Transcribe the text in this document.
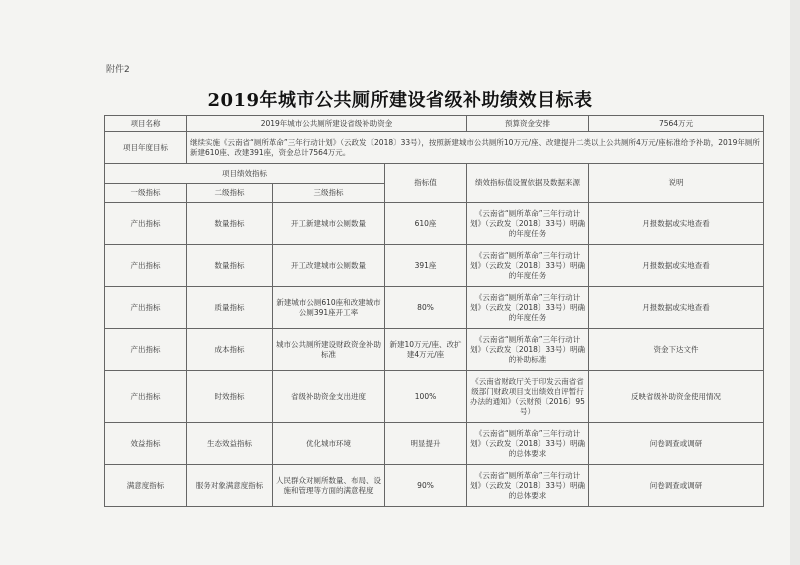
附件2
2019年城市公共厕所建设省级补助绩效目标表
项目名称	2019年城市公共厕所建设省级补助资金			预算资金安排	7564万元
项目年度目标	继续实施《云南省“厕所革命”三年行动计划》（云政发〔2018〕33号），按照新建城市公共厕所10万元/座、改建提升二类以上公共厕所4万元/座标准给予补助，2019年厕所新建610座、改建391座，资金总计7564万元。				
项目绩效指标			指标值	绩效指标值设置依据及数据来源	说明
一级指标	二级指标	三级指标			
产出指标	数量指标	开工新建城市公厕数量	610座	《云南省“厕所革命”三年行动计划》（云政发〔2018〕33号）明确的年度任务	月报数据或实地查看
产出指标	数量指标	开工改建城市公厕数量	391座	《云南省“厕所革命”三年行动计划》（云政发〔2018〕33号）明确的年度任务	月报数据或实地查看
产出指标	质量指标	新建城市公厕610座和改建城市公厕391座开工率	80%	《云南省“厕所革命”三年行动计划》（云政发〔2018〕33号）明确的年度任务	月报数据或实地查看
产出指标	成本指标	城市公共厕所建设财政资金补助标准	新建10万元/座、改扩建4万元/座	《云南省“厕所革命”三年行动计划》（云政发〔2018〕33号）明确的补助标准	资金下达文件
产出指标	时效指标	省级补助资金支出进度	100%	《云南省财政厅关于印发云南省省级部门财政项目支出绩效自评暂行办法的通知》（云财预〔2016〕95号）	反映省级补助资金使用情况
效益指标	生态效益指标	优化城市环境	明显提升	《云南省“厕所革命”三年行动计划》（云政发〔2018〕33号）明确的总体要求	问卷调查或调研
满意度指标	服务对象满意度指标	人民群众对厕所数量、布局、设施和管理等方面的满意程度	90%	《云南省“厕所革命”三年行动计划》（云政发〔2018〕33号）明确的总体要求	问卷调查或调研
